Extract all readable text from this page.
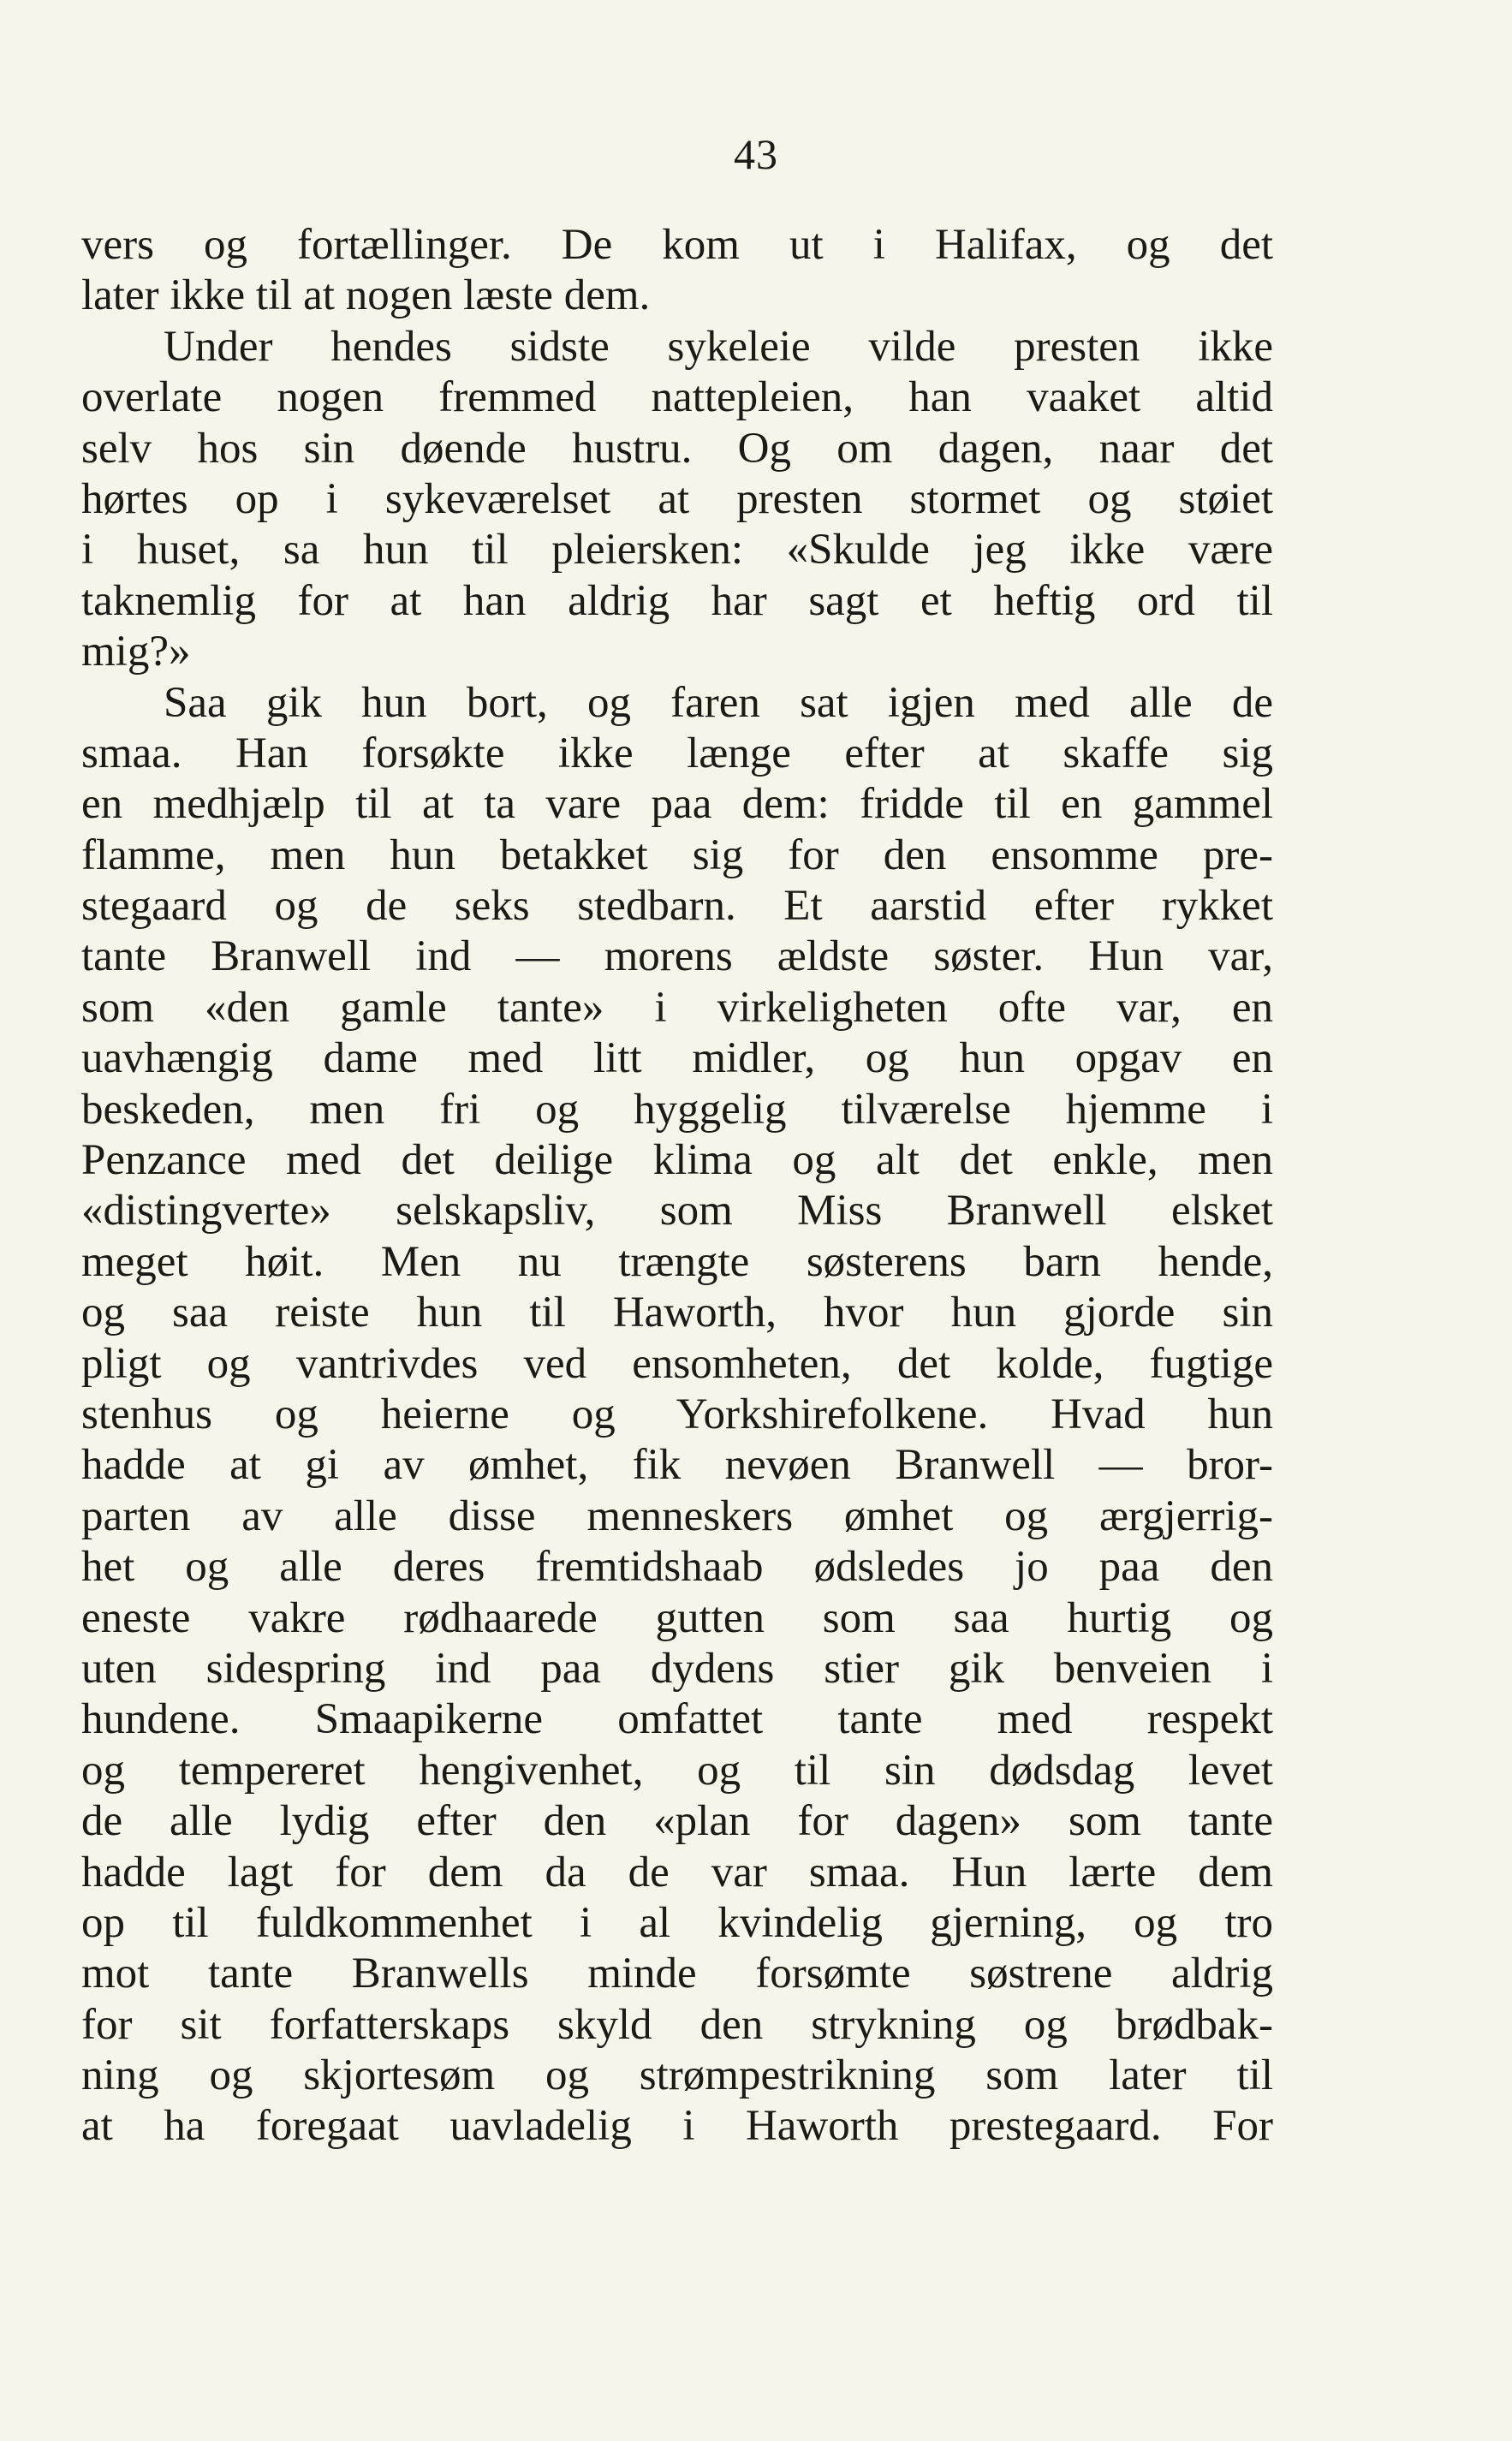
43
vers og fortællinger. De kom ut i Halifax, og det
later ikke til at nogen læste dem.
Under hendes sidste sykeleie vilde presten ikke
overlate nogen fremmed nattepleien, han vaaket altid
selv hos sin døende hustru. Og om dagen, naar det
hørtes op i sykeværelset at presten stormet og støiet
i huset, sa hun til pleiersken: «Skulde jeg ikke være
taknemlig for at han aldrig har sagt et heftig ord til
mig?»
Saa gik hun bort, og faren sat igjen med alle de
smaa. Han forsøkte ikke længe efter at skaffe sig
en medhjælp til at ta vare paa dem: fridde til en gammel
flamme, men hun betakket sig for den ensomme pre-
stegaard og de seks stedbarn. Et aarstid efter rykket
tante Branwell ind — morens ældste søster. Hun var,
som «den gamle tante» i virkeligheten ofte var, en
uavhængig dame med litt midler, og hun opgav en
beskeden, men fri og hyggelig tilværelse hjemme i
Penzance med det deilige klima og alt det enkle, men
«distingverte» selskapsliv, som Miss Branwell elsket
meget høit. Men nu trængte søsterens barn hende,
og saa reiste hun til Haworth, hvor hun gjorde sin
pligt og vantrivdes ved ensomheten, det kolde, fugtige
stenhus og heierne og Yorkshirefolkene. Hvad hun
hadde at gi av ømhet, fik nevøen Branwell — bror-
parten av alle disse menneskers ømhet og ærgjerrig-
het og alle deres fremtidshaab ødsledes jo paa den
eneste vakre rødhaarede gutten som saa hurtig og
uten sidespring ind paa dydens stier gik benveien i
hundene. Smaapikerne omfattet tante med respekt
og tempereret hengivenhet, og til sin dødsdag levet
de alle lydig efter den «plan for dagen» som tante
hadde lagt for dem da de var smaa. Hun lærte dem
op til fuldkommenhet i al kvindelig gjerning, og tro
mot tante Branwells minde forsømte søstrene aldrig
for sit forfatterskaps skyld den strykning og brødbak-
ning og skjortesøm og strømpestrikning som later til
at ha foregaat uavladelig i Haworth prestegaard. For
